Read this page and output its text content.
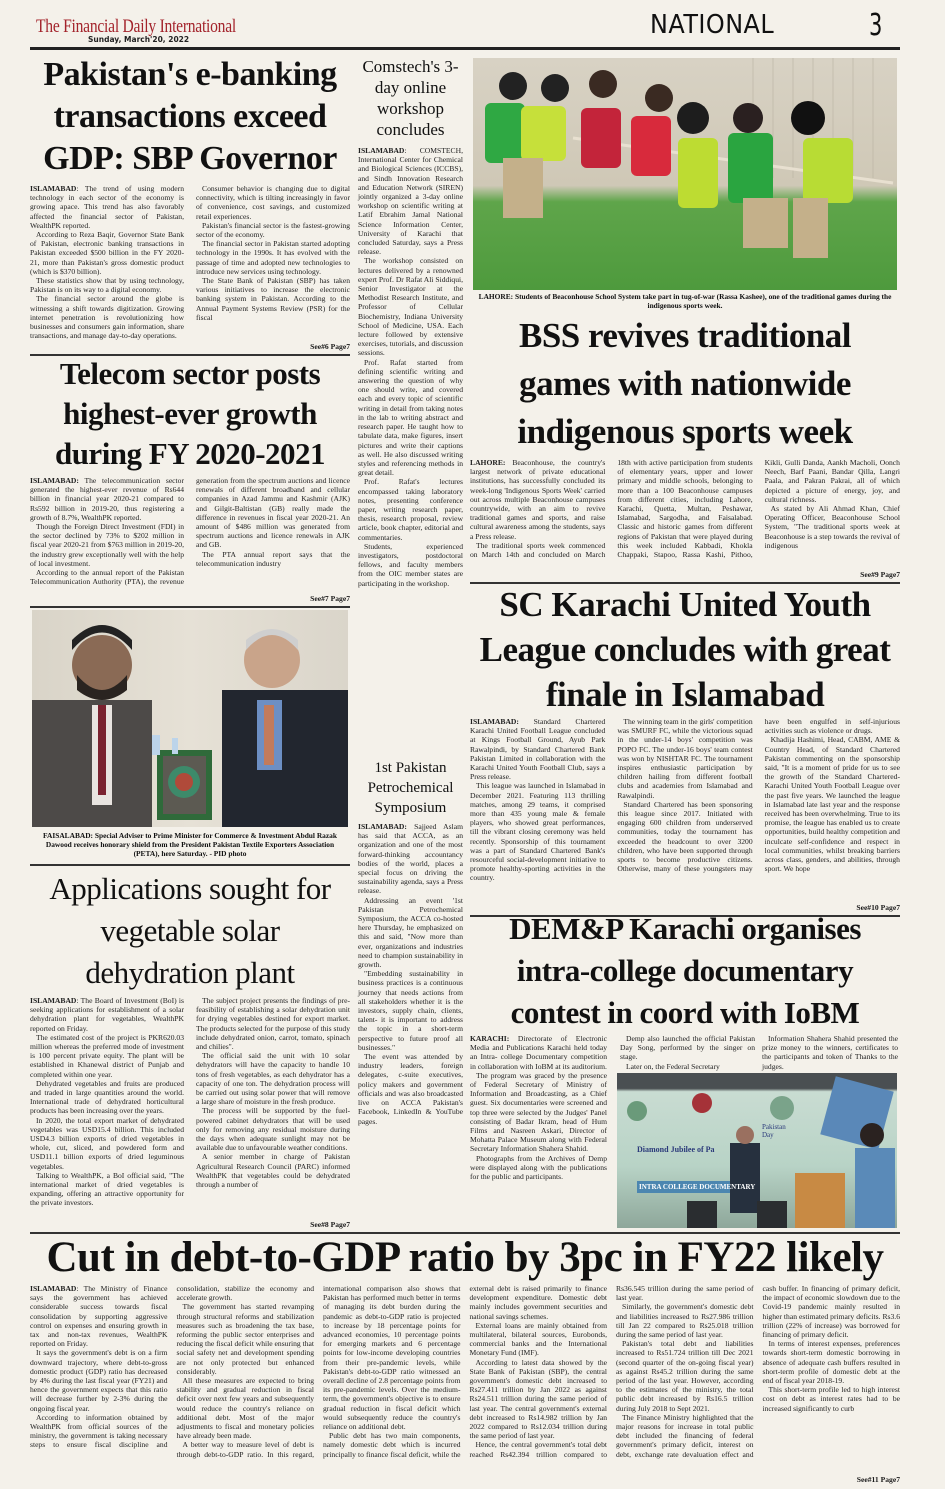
The Financial Daily International
Sunday, March'20, 2022	NATIONAL	3
Pakistan's e-banking transactions exceed GDP: SBP Governor

ISLAMABAD: The trend of using modern technology in each sector of the economy is growing apace. This trend has also favorably affected the financial sector of Pakistan, WealthPK reported.

According to Reza Baqir, Governor State Bank of Pakistan, electronic banking transactions in Pakistan exceeded $500 billion in the FY 2020-21, more than Pakistan's gross domestic product (which is $370 billion).

These statistics show that by using technology, Pakistan is on its way to a digital economy.

The financial sector around the globe is witnessing a shift towards digitization. Growing internet penetration is revolutionizing how businesses and consumers gain information, share transactions, and manage day-to-day operations.

Consumer behavior is changing due to digital connectivity, which is tilting increasingly in favor of convenience, cost savings, and customized retail experiences.

Pakistan's financial sector is the fastest-growing sector of the economy.

The financial sector in Pakistan started adopting technology in the 1990s. It has evolved with the passage of time and adopted new technologies to introduce new services using technology.

The State Bank of Pakistan (SBP) has taken various initiatives to increase the electronic banking system in Pakistan. According to the Annual Payment Systems Review (PSR) for the fiscal

See#6 Page7
Telecom sector posts highest-ever growth during FY 2020-2021

ISLAMABAD: The telecommunication sector generated the highest-ever revenue of Rs644 billion in financial year 2020-21 compared to Rs592 billion in 2019-20, thus registering a growth of 8.7%, WealthPK reported.

Though the Foreign Direct Investment (FDI) in the sector declined by 73% to $202 million in fiscal year 2020-21 from $763 million in 2019-20, the industry grew exceptionally well with the help of local investment.

According to the annual report of the Pakistan Telecommunication Authority (PTA), the revenue generation from the spectrum auctions and licence renewals of different broadband and cellular companies in Azad Jammu and Kashmir (AJK) and Gilgit-Baltistan (GB) really made the difference in revenues in fiscal year 2020-21. An amount of $486 million was generated from spectrum auctions and licence renewals in AJK and GB.

The PTA annual report says that the telecommunication industry

See#7 Page7
FAISALABAD: Special Adviser to Prime Minister for Commerce & Investment Abdul Razak Dawood receives honorary shield from the President Pakistan Textile Exporters Association (PETA), here Saturday. - PID photo
Applications sought for vegetable solar dehydration plant

ISLAMABAD: The Board of Investment (BoI) is seeking applications for establishment of a solar dehydration plant for vegetables, WealthPK reported on Friday.

The estimated cost of the project is PKR620.03 million whereas the preferred mode of investment is 100 percent private equity. The plant will be established in Khanewal district of Punjab and completed within one year.

Dehydrated vegetables and fruits are produced and traded in large quantities around the world. International trade of dehydrated horticultural products has been increasing over the years.

In 2020, the total export market of dehydrated vegetables was USD15.4 billion. This included USD4.3 billion exports of dried vegetables in whole, cut, sliced, and powdered form and USD11.1 billion exports of dried leguminous vegetables.

Talking to WealthPK, a BoI official said, "The international market of dried vegetables is expanding, offering an attractive opportunity for the private investors.

The subject project presents the findings of pre-feasibility of establishing a solar dehydration unit for drying vegetables destined for export market. The products selected for the purpose of this study include dehydrated onion, carrot, tomato, spinach and chilies".

The official said the unit with 10 solar dehydrators will have the capacity to handle 10 tons of fresh vegetables, as each dehydrator has a capacity of one ton. The dehydration process will be carried out using solar power that will remove a large share of moisture in the fresh produce.

The process will be supported by the fuel-powered cabinet dehydrators that will be used only for removing any residual moisture during the days when adequate sunlight may not be available due to unfavourable weather conditions.

A senior member in charge of Pakistan Agricultural Research Council (PARC) informed WealthPK that vegetables could be dehydrated through a number of

See#8 Page7
Comstech's 3-day online workshop concludes

ISLAMABAD: COMSTECH, International Center for Chemical and Biological Sciences (ICCBS), and Sindh Innovation Research and Education Network (SIREN) jointly organized a 3-day online workshop on scientific writing at Latif Ebrahim Jamal National Science Information Center, University of Karachi that concluded Saturday, says a Press release.

The workshop consisted on lectures delivered by a renowned expert Prof. Dr Rafat Ali Siddiqui, Senior Investigator at the Methodist Research Institute, and Professor of Cellular Biochemistry, Indiana University School of Medicine, USA. Each lecture followed by extensive exercises, tutorials, and discussion sessions.

Prof. Rafat started from defining scientific writing and answering the question of why one should write, and covered each and every topic of scientific writing in detail from taking notes in the lab to writing abstract and research paper. He taught how to tabulate data, make figures, insert pictures and write their captions as well. He also discussed writing styles and referencing methods in great detail.

Prof. Rafat's lectures encompassed taking laboratory notes, presenting conference paper, writing research paper, thesis, research proposal, review article, book chapter, editorial and commentaries.

Students, experienced investigators, postdoctoral fellows, and faculty members from the OIC member states are participating in the workshop.

1st Pakistan Petrochemical Symposium

ISLAMABAD: Sajjeed Aslam has said that ACCA, as an organization and one of the most forward-thinking accountancy bodies of the world, places a special focus on driving the sustainability agenda, says a Press release.

Addressing an event '1st Pakistan Petrochemical Symposium, the ACCA co-hosted here Thursday, he emphasized on this and said, "Now more than ever, organizations and industries need to champion sustainability in growth.

"Embedding sustainability in business practices is a continuous journey that needs actions from all stakeholders whether it is the investors, supply chain, clients, talent- it is important to address the topic in a short-term perspective to future proof all businesses."

The event was attended by industry leaders, foreign delegates, c-suite executives, policy makers and government officials and was also broadcasted live on ACCA Pakistan's Facebook, LinkedIn & YouTube pages.

LAHORE: Students of Beaconhouse School System take part in tug-of-war (Rassa Kashee), one of the traditional games during the indigenous sports week.
BSS revives traditional games with nationwide indigenous sports week

LAHORE: Beaconhouse, the country's largest network of private educational institutions, has successfully concluded its week-long 'Indigenous Sports Week' carried out across multiple Beaconhouse campuses countrywide, with an aim to revive traditional games and sports, and raise cultural awareness among the students, says a Press release.

The traditional sports week commenced on March 14th and concluded on March 18th with active participation from students of elementary years, upper and lower primary and middle schools, belonging to more than a 100 Beaconhouse campuses from different cities, including Lahore, Karachi, Quetta, Multan, Peshawar, Islamabad, Sargodha, and Faisalabad. Classic and historic games from different regions of Pakistan that were played during this week included Kabbadi, Khokla Chappaki, Stapoo, Rassa Kashi, Pithoo, Kikli, Gulli Danda, Aankh Macholi, Oonch Neech, Barf Paani, Bandar Qilla, Langri Paala, and Pakran Pakrai, all of which depicted a picture of energy, joy, and cultural richness.

As stated by Ali Ahmad Khan, Chief Operating Officer, Beaconhouse School System, "The traditional sports week at Beaconhouse is a step towards the revival of indigenous

See#9 Page7
SC Karachi United Youth League concludes with great finale in Islamabad

ISLAMABAD: Standard Chartered Karachi United Football League concluded at Kings Football Ground, Ayub Park Rawalpindi, by Standard Chartered Bank Pakistan Limited in collaboration with the Karachi United Youth Football Club, says a Press release.

This league was launched in Islamabad in December 2021. Featuring 113 thrilling matches, among 29 teams, it comprised more than 435 young male & female players, who showed great performances, till the vibrant closing ceremony was held recently. Sponsorship of this tournament was a part of Standard Chartered Bank's resourceful social-development initiative to promote healthy-sporting activities in the country.

The winning team in the girls' competition was SMURF FC, while the victorious squad in the under-14 boys' competition was POPO FC. The under-16 boys' team contest was won by NISHTAR FC. The tournament inspires enthusiastic participation by children hailing from different football clubs and academies from Islamabad and Rawalpindi.

Standard Chartered has been sponsoring this league since 2017. Initiated with engaging 600 children from underserved communities, today the tournament has exceeded the headcount to over 3200 children, who have been supported through sports to become productive citizens. Otherwise, many of these youngsters may have been engulfed in self-injurious activities such as violence or drugs.

Khadija Hashimi, Head, CABM, AME & Country Head, of Standard Chartered Pakistan commenting on the sponsorship said, "It is a moment of pride for us to see the growth of the Standard Chartered-Karachi United Youth Football League over the past five years. We launched the league in Islamabad late last year and the response received has been overwhelming. True to its promise, the league has enabled us to create opportunities, build healthy competition and inculcate self-confidence and respect in local communities, whilst breaking barriers across class, genders, and abilities, through sport. We hope

See#10 Page7
DEM&P Karachi organises intra-college documentary contest in coord with IoBM

KARACHI: Directorate of Electronic Media and Publications Karachi held today an Intra- college Documentary competition in collaboration with IoBM at its auditorium.

The program was graced by the presence of Federal Secretary of Ministry of Information and Broadcasting, as a Chief guest. Six documentaries were screened and top three were selected by the Judges' Panel consisting of Badar Ikram, head of Hum Films and Nasreen Askari, Director of Mohatta Palace Museum along with Federal Secretary Information Shahera Shahid.

Photographs from the Archives of Demp were displayed along with the publications for the public and participants.

Demp also launched the official Pakistan Day Song, performed by the singer on stage.

Later on, the Federal Secretary

Information Shahera Shahid presented the prize money to the winners, certificates to the participants and token of Thanks to the judges.

Diamond Jubilee of Pa
INTRA COLLEGE DOCUMENTARY
Pakistan Day
Cut in debt-to-GDP ratio by 3pc in FY22 likely

ISLAMABAD: The Ministry of Finance says the government has achieved considerable success towards fiscal consolidation by supporting aggressive control on expenses and ensuring growth in tax and non-tax revenues, WealthPK reported on Friday.

It says the government's debt is on a firm downward trajectory, where debt-to-gross domestic product (GDP) ratio has decreased by 4% during the last fiscal year (FY21) and hence the government expects that this ratio will decrease further by 2-3% during the ongoing fiscal year.

According to information obtained by WealthPK from official sources of the ministry, the government is taking necessary steps to ensure fiscal discipline and consolidation, stabilize the economy and accelerate growth.

The government has started revamping through structural reforms and stabilization measures such as broadening the tax base, reforming the public sector enterprises and reducing the fiscal deficit while ensuring that social safety net and development spending are not only protected but enhanced considerably.

All these measures are expected to bring stability and gradual reduction in fiscal deficit over next few years and subsequently would reduce the country's reliance on additional debt. Most of the major adjustments to fiscal and monetary policies have already been made.

A better way to measure level of debt is through debt-to-GDP ratio. In this regard, international comparison also shows that Pakistan has performed much better in terms of managing its debt burden during the pandemic as debt-to-GDP ratio is projected to increase by 18 percentage points for advanced economies, 10 percentage points for emerging markets and 6 percentage points for low-income developing countries from their pre-pandemic levels, while Pakistan's debt-to-GDP ratio witnessed an overall decline of 2.8 percentage points from its pre-pandemic levels. Over the medium-term, the government's objective is to ensure gradual reduction in fiscal deficit which would subsequently reduce the country's reliance on additional debt.

Public debt has two main components, namely domestic debt which is incurred principally to finance fiscal deficit, while the external debt is raised primarily to finance development expenditure. Domestic debt mainly includes government securities and national savings schemes.

External loans are mainly obtained from multilateral, bilateral sources, Eurobonds, commercial banks and the International Monetary Fund (IMF).

According to latest data showed by the State Bank of Pakistan (SBP), the central government's domestic debt increased to Rs27.411 trillion by Jan 2022 as against Rs24.511 trillion during the same period of last year. The central government's external debt increased to Rs14.982 trillion by Jan 2022 compared to Rs12.034 trillion during the same period of last year.

Hence, the central government's total debt reached Rs42.394 trillion compared to Rs36.545 trillion during the same period of last year.

Similarly, the government's domestic debt and liabilities increased to Rs27.986 trillion till Jan 22 compared to Rs25.018 trillion during the same period of last year.

Pakistan's total debt and liabilities increased to Rs51.724 trillion till Dec 2021 (second quarter of the on-going fiscal year) as against Rs45.2 trillion during the same period of the last year. However, according to the estimates of the ministry, the total public debt increased by Rs16.5 trillion during July 2018 to Sept 2021.

The Finance Ministry highlighted that the major reasons for increase in total public debt included the financing of federal government's primary deficit, interest on debt, exchange rate devaluation effect and cash buffer. In financing of primary deficit, the impact of economic slowdown due to the Covid-19 pandemic mainly resulted in higher than estimated primary deficits. Rs3.6 trillion (22% of increase) was borrowed for financing of primary deficit.

In terms of interest expenses, preferences towards short-term domestic borrowing in absence of adequate cash buffers resulted in short-term profile of domestic debt at the end of fiscal year 2018-19.

This short-term profile led to high interest cost on debt as interest rates had to be increased significantly to curb

See#11 Page7
